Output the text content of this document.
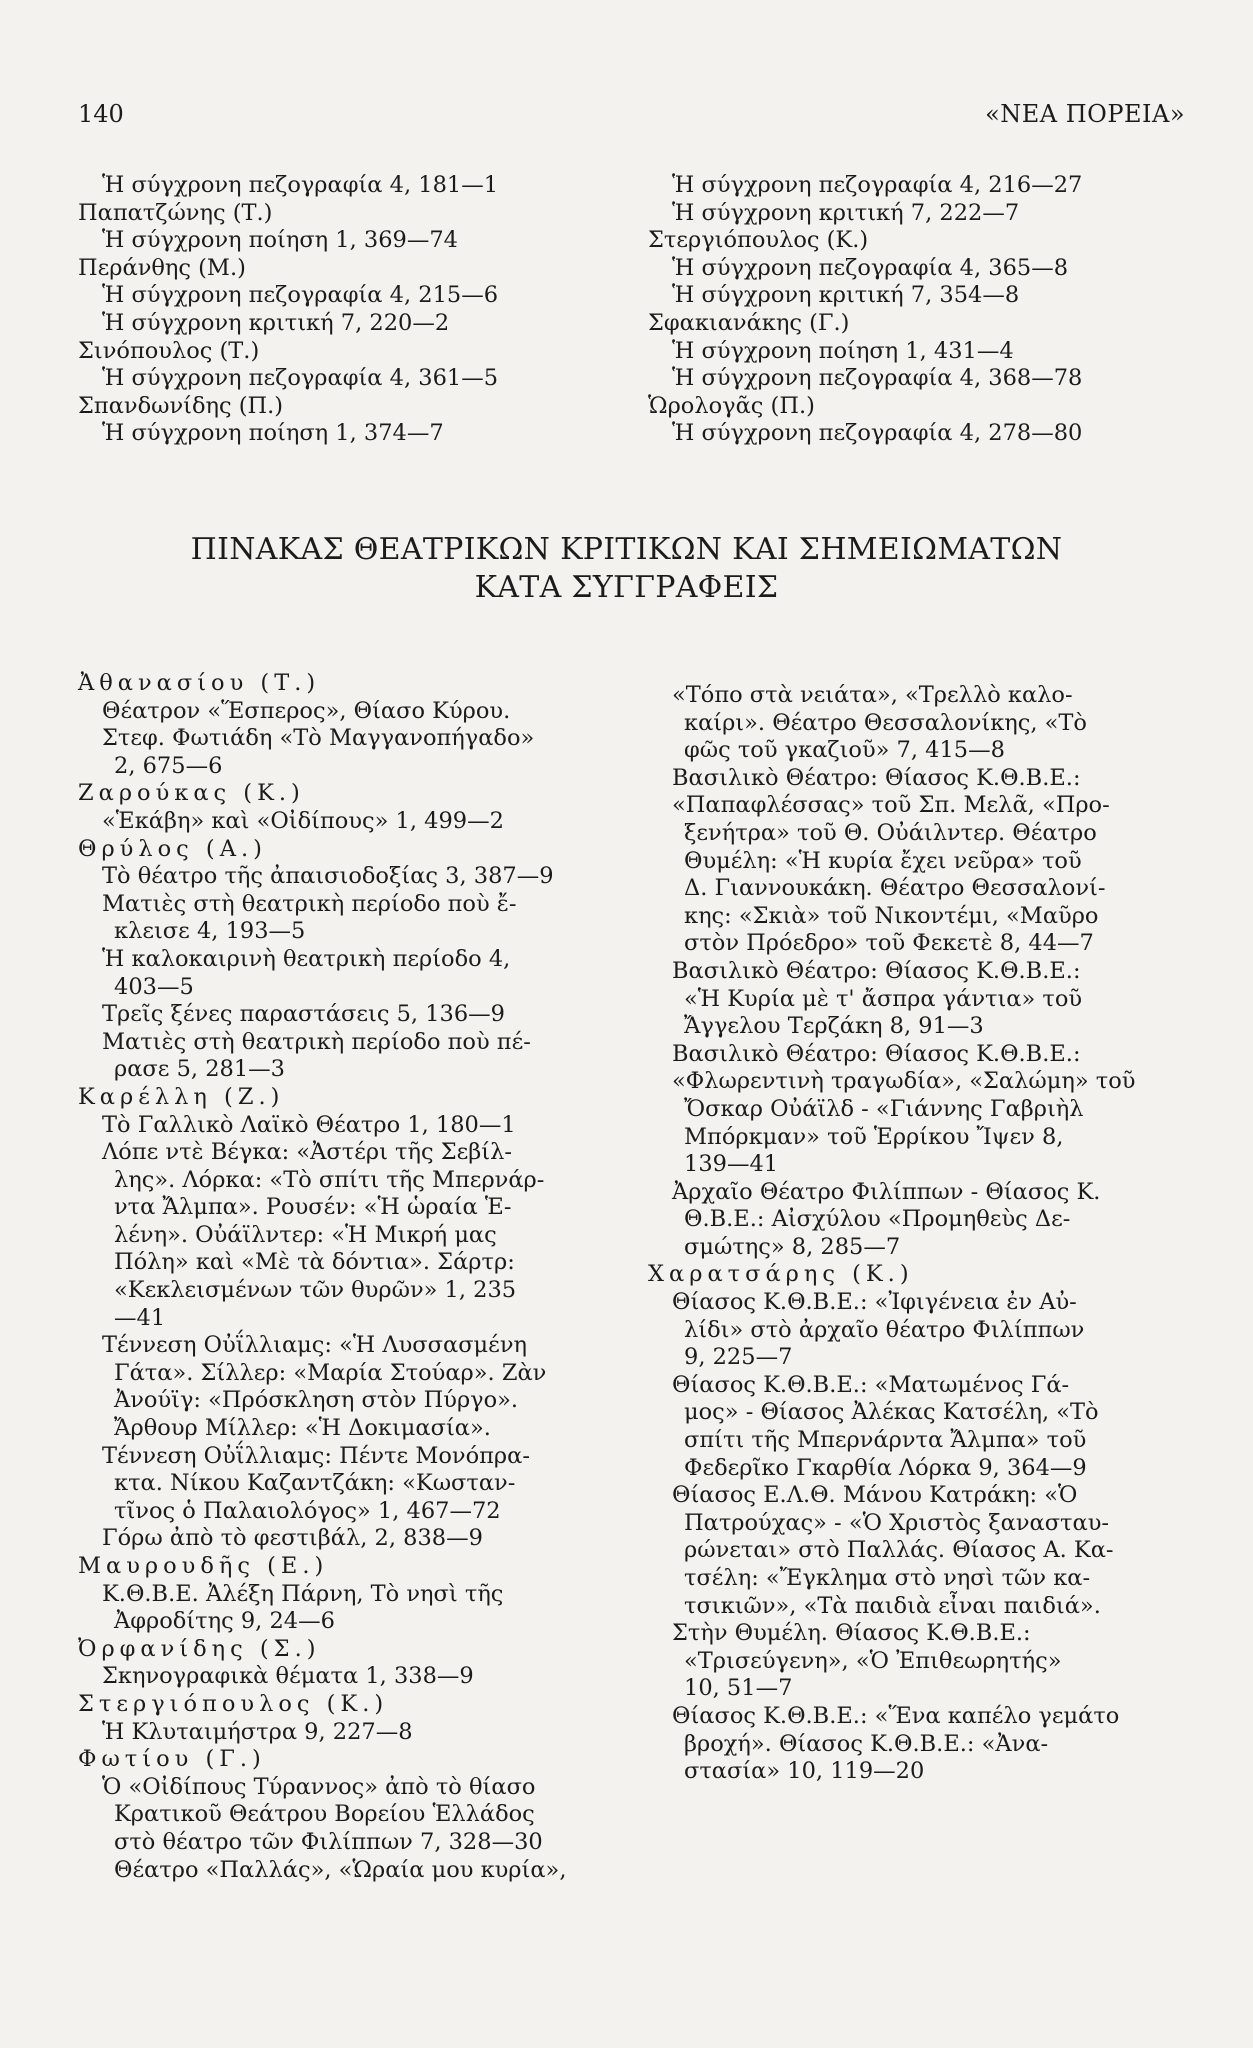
140	«ΝΕΑ ΠΟΡΕΙΑ»
Ἡ σύγχρονη πεζογραφία 4, 181—1
Παπατζώνης (Τ.)
Ἡ σύγχρονη ποίηση 1, 369—74
Περάνθης (Μ.)
Ἡ σύγχρονη πεζογραφία 4, 215—6
Ἡ σύγχρονη κριτική 7, 220—2
Σινόπουλος (Τ.)
Ἡ σύγχρονη πεζογραφία 4, 361—5
Σπανδωνίδης (Π.)
Ἡ σύγχρονη ποίηση 1, 374—7
Ἡ σύγχρονη πεζογραφία 4, 216—27
Ἡ σύγχρονη κριτική 7, 222—7
Στεργιόπουλος (Κ.)
Ἡ σύγχρονη πεζογραφία 4, 365—8
Ἡ σύγχρονη κριτική 7, 354—8
Σφακιανάκης (Γ.)
Ἡ σύγχρονη ποίηση 1, 431—4
Ἡ σύγχρονη πεζογραφία 4, 368—78
Ὡρολογᾶς (Π.)
Ἡ σύγχρονη πεζογραφία 4, 278—80
ΠΙΝΑΚΑΣ ΘΕΑΤΡΙΚΩΝ ΚΡΙΤΙΚΩΝ ΚΑΙ ΣΗΜΕΙΩΜΑΤΩΝ
ΚΑΤΑ ΣΥΓΓΡΑΦΕΙΣ
Ἀθανασίου (Τ.)
Θέατρον «Ἕσπερος», Θίασο Κύρου.
Στεφ. Φωτιάδη «Τὸ Μαγγανοπήγαδο»
2, 675—6
Ζαρούκας (Κ.)
«Ἑκάβη» καὶ «Οἰδίπους» 1, 499—2
Θρύλος (Α.)
Τὸ θέατρο τῆς ἀπαισιοδοξίας 3, 387—9
Ματιὲς στὴ θεατρικὴ περίοδο ποὺ ἔ-
κλεισε 4, 193—5
Ἡ καλοκαιρινὴ θεατρικὴ περίοδο 4,
403—5
Τρεῖς ξένες παραστάσεις 5, 136—9
Ματιὲς στὴ θεατρικὴ περίοδο ποὺ πέ-
ρασε 5, 281—3
Καρέλλη (Ζ.)
Τὸ Γαλλικὸ Λαϊκὸ Θέατρο 1, 180—1
Λόπε ντὲ Βέγκα: «Ἀστέρι τῆς Σεβίλ-
λης». Λόρκα: «Τὸ σπίτι τῆς Μπερνάρ-
ντα Ἄλμπα». Ρουσέν: «Ἡ ὡραία Ἑ-
λένη». Οὐάϊλντερ: «Ἡ Μικρή μας
Πόλη» καὶ «Μὲ τὰ δόντια». Σάρτρ:
«Κεκλεισμένων τῶν θυρῶν» 1, 235
—41
Τέννεση Οὐΐλλιαμς: «Ἡ Λυσσασμένη
Γάτα». Σίλλερ: «Μαρία Στούαρ». Ζὰν
Ἀνούϊγ: «Πρόσκληση στὸν Πύργο».
Ἄρθουρ Μίλλερ: «Ἡ Δοκιμασία».
Τέννεση Οὐΐλλιαμς: Πέντε Μονόπρα-
κτα. Νίκου Καζαντζάκη: «Κωσταν-
τῖνος ὁ Παλαιολόγος» 1, 467—72
Γόρω ἀπὸ τὸ φεστιβάλ, 2, 838—9
Μαυρουδῆς (Ε.)
Κ.Θ.Β.Ε. Ἀλέξη Πάρνη, Τὸ νησὶ τῆς
Ἀφροδίτης 9, 24—6
Ὀρφανίδης (Σ.)
Σκηνογραφικὰ θέματα 1, 338—9
Στεργιόπουλος (Κ.)
Ἡ Κλυταιμήστρα 9, 227—8
Φωτίου (Γ.)
Ὁ «Οἰδίπους Τύραννος» ἀπὸ τὸ θίασο
Κρατικοῦ Θεάτρου Βορείου Ἑλλάδος
στὸ θέατρο τῶν Φιλίππων 7, 328—30
Θέατρο «Παλλάς», «Ὡραία μου κυρία»,
«Τόπο στὰ νειάτα», «Τρελλὸ καλο-
καίρι». Θέατρο Θεσσαλονίκης, «Τὸ
φῶς τοῦ γκαζιοῦ» 7, 415—8
Βασιλικὸ Θέατρο: Θίασος Κ.Θ.Β.Ε.:
«Παπαφλέσσας» τοῦ Σπ. Μελᾶ, «Προ-
ξενήτρα» τοῦ Θ. Οὐάιλντερ. Θέατρο
Θυμέλη: «Ἡ κυρία ἔχει νεῦρα» τοῦ
Δ. Γιαννουκάκη. Θέατρο Θεσσαλονί-
κης: «Σκιὰ» τοῦ Νικοντέμι, «Μαῦρο
στὸν Πρόεδρο» τοῦ Φεκετὲ 8, 44—7
Βασιλικὸ Θέατρο: Θίασος Κ.Θ.Β.Ε.:
«Ἡ Κυρία μὲ τ' ἄσπρα γάντια» τοῦ
Ἄγγελου Τερζάκη 8, 91—3
Βασιλικὸ Θέατρο: Θίασος Κ.Θ.Β.Ε.:
«Φλωρεντινὴ τραγωδία», «Σαλώμη» τοῦ
Ὄσκαρ Οὐάϊλδ - «Γιάννης Γαβριὴλ
Μπόρκμαν» τοῦ Ἑρρίκου Ἴψεν 8,
139—41
Ἀρχαῖο Θέατρο Φιλίππων - Θίασος Κ.
Θ.Β.Ε.: Αἰσχύλου «Προμηθεὺς Δε-
σμώτης» 8, 285—7
Χαρατσάρης (Κ.)
Θίασος Κ.Θ.Β.Ε.: «Ἰφιγένεια ἐν Αὐ-
λίδι» στὸ ἀρχαῖο θέατρο Φιλίππων
9, 225—7
Θίασος Κ.Θ.Β.Ε.: «Ματωμένος Γά-
μος» - Θίασος Ἀλέκας Κατσέλη, «Τὸ
σπίτι τῆς Μπερνάρντα Ἄλμπα» τοῦ
Φεδερῖκο Γκαρθία Λόρκα 9, 364—9
Θίασος Ε.Λ.Θ. Μάνου Κατράκη: «Ὁ
Πατρούχας» - «Ὁ Χριστὸς ξανασταυ-
ρώνεται» στὸ Παλλάς. Θίασος Α. Κα-
τσέλη: «Ἔγκλημα στὸ νησὶ τῶν κα-
τσικιῶν», «Τὰ παιδιὰ εἶναι παιδιά».
Στὴν Θυμέλη. Θίασος Κ.Θ.Β.Ε.:
«Τρισεύγενη», «Ὁ Ἐπιθεωρητής»
10, 51—7
Θίασος Κ.Θ.Β.Ε.: «Ἕνα καπέλο γεμάτο
βροχή». Θίασος Κ.Θ.Β.Ε.: «Ἀνα-
στασία» 10, 119—20
